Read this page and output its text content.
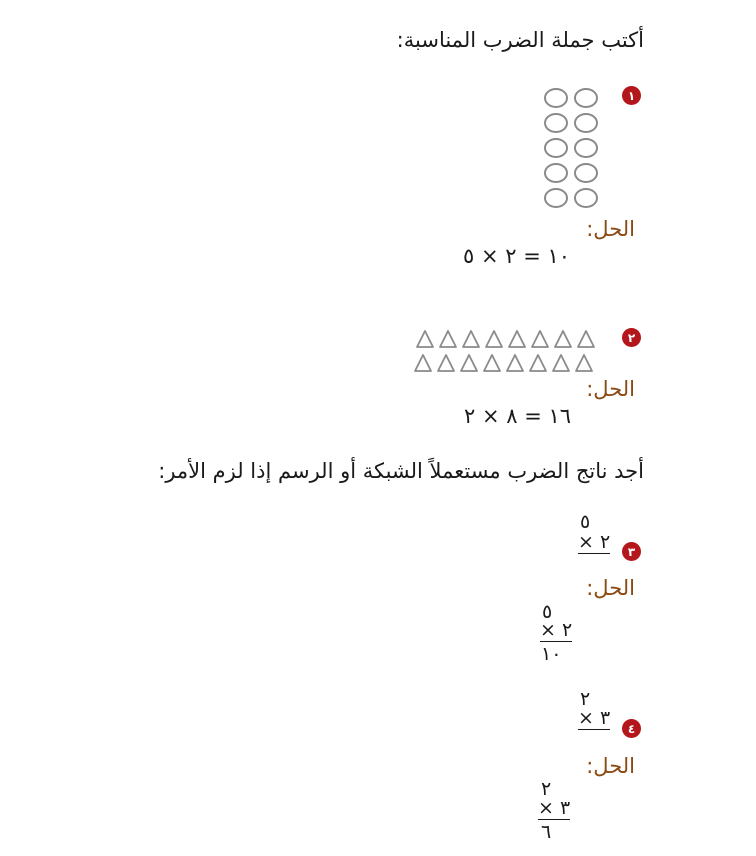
أكتب جملة الضرب المناسبة:
١
الحل:
١٠ = ٢ × ٥
٢
الحل:
١٦ = ٨ × ٢
أجد ناتج الضرب مستعملاً الشبكة أو الرسم إذا لزم الأمر:
٣
٥
× ٢
الحل:
٥
× ٢
١٠
٤
٢
× ٣
الحل:
٢
× ٣
٦
